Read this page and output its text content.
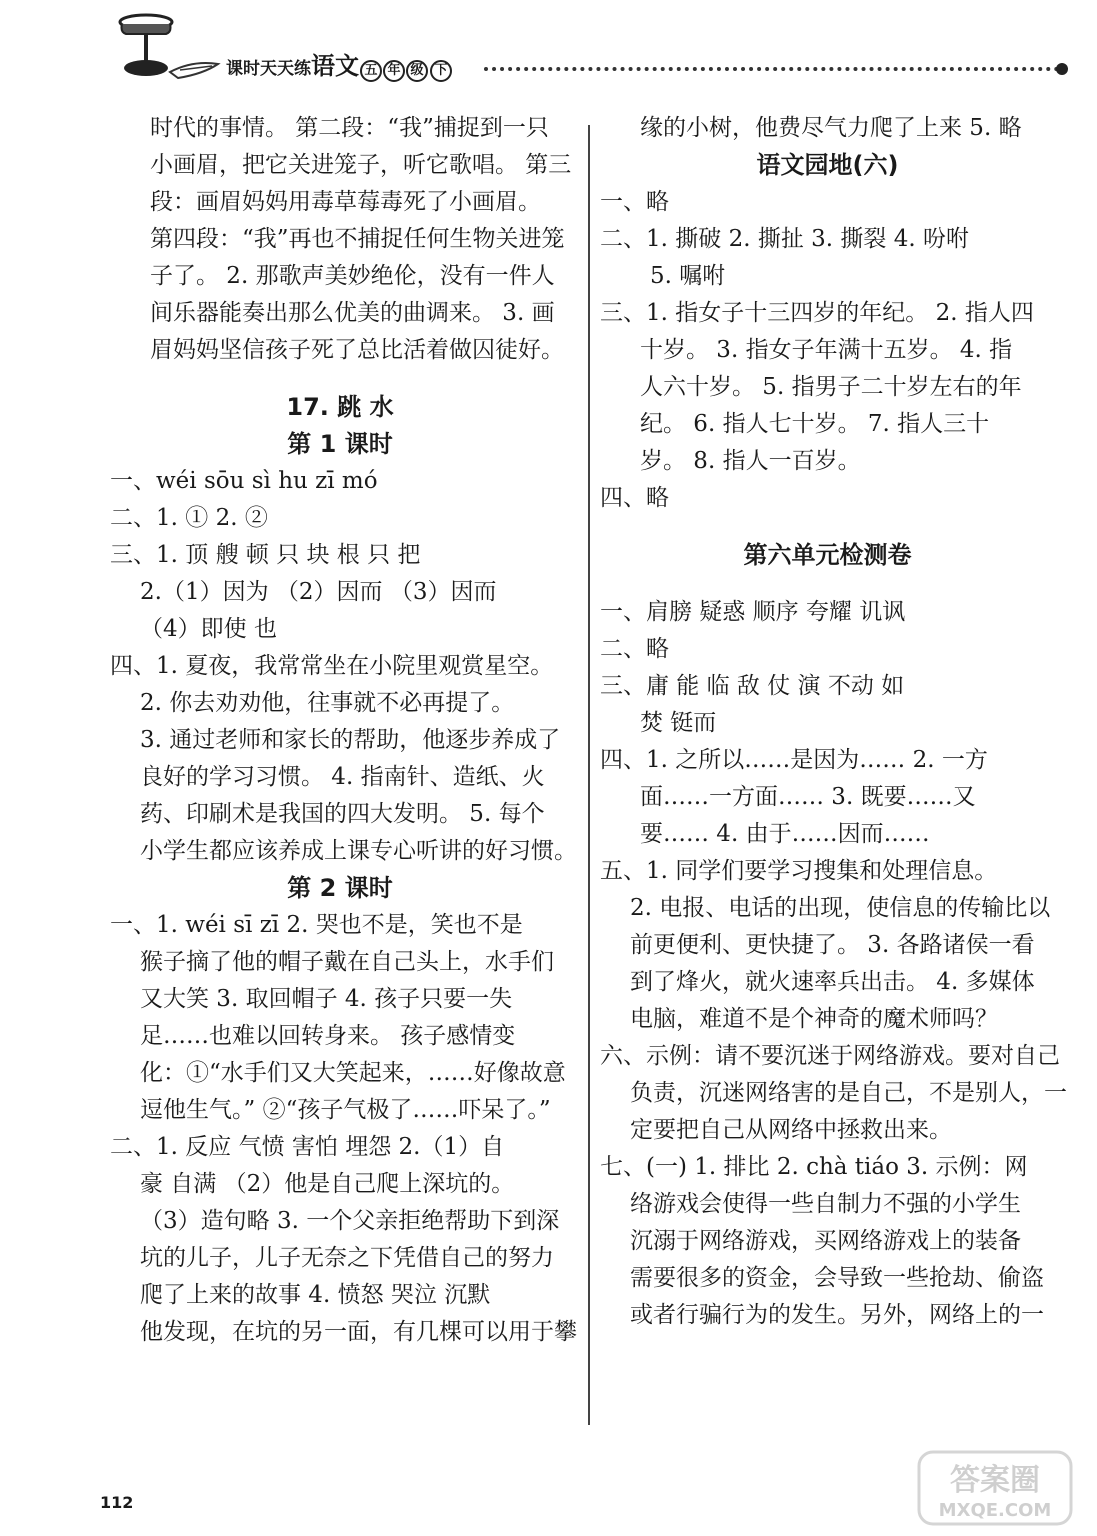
课时天天练语文 五 年 级 下
时代的事情。 第二段：“我”捕捉到一只
小画眉，把它关进笼子，听它歌唱。 第三
段：画眉妈妈用毒草莓毒死了小画眉。
第四段：“我”再也不捕捉任何生物关进笼
子了。 2. 那歌声美妙绝伦，没有一件人
间乐器能奏出那么优美的曲调来。 3. 画
眉妈妈坚信孩子死了总比活着做囚徒好。
17. 跳 水
第 1 课时
一、wéi sōu sì hu zī mó
二、1. ① 2. ②
三、1. 顶 艘 顿 只 块 根 只 把
2.（1）因为 （2）因而 （3）因而
（4）即使 也
四、1. 夏夜，我常常坐在小院里观赏星空。
2. 你去劝劝他，往事就不必再提了。
3. 通过老师和家长的帮助，他逐步养成了
良好的学习习惯。 4. 指南针、造纸、火
药、印刷术是我国的四大发明。 5. 每个
小学生都应该养成上课专心听讲的好习惯。
第 2 课时
一、1. wéi sī zī 2. 哭也不是，笑也不是
猴子摘了他的帽子戴在自己头上，水手们
又大笑 3. 取回帽子 4. 孩子只要一失
足……也难以回转身来。 孩子感情变
化：①“水手们又大笑起来，……好像故意
逗他生气。” ②“孩子气极了……吓呆了。”
二、1. 反应 气愤 害怕 埋怨 2.（1）自
豪 自满 （2）他是自己爬上深坑的。
（3）造句略 3. 一个父亲拒绝帮助下到深
坑的儿子，儿子无奈之下凭借自己的努力
爬了上来的故事 4. 愤怒 哭泣 沉默
他发现，在坑的另一面，有几棵可以用于攀
缘的小树，他费尽气力爬了上来 5. 略
语文园地(六)
一、略
二、1. 撕破 2. 撕扯 3. 撕裂 4. 吩咐
5. 嘱咐
三、1. 指女子十三四岁的年纪。 2. 指人四
十岁。 3. 指女子年满十五岁。 4. 指
人六十岁。 5. 指男子二十岁左右的年
纪。 6. 指人七十岁。 7. 指人三十
岁。 8. 指人一百岁。
四、略
第六单元检测卷
一、肩膀 疑惑 顺序 夸耀 讥讽
二、略
三、庸 能 临 敌 仗 演 不动 如
焚 铤而
四、1. 之所以……是因为…… 2. 一方
面……一方面…… 3. 既要……又
要…… 4. 由于……因而……
五、1. 同学们要学习搜集和处理信息。
2. 电报、电话的出现，使信息的传输比以
前更便利、更快捷了。 3. 各路诸侯一看
到了烽火，就火速率兵出击。 4. 多媒体
电脑，难道不是个神奇的魔术师吗？
六、示例：请不要沉迷于网络游戏。要对自己
负责，沉迷网络害的是自己，不是别人，一
定要把自己从网络中拯救出来。
七、(一) 1. 排比 2. chà tiáo 3. 示例：网
络游戏会使得一些自制力不强的小学生
沉溺于网络游戏，买网络游戏上的装备
需要很多的资金，会导致一些抢劫、偷盗
或者行骗行为的发生。另外，网络上的一
112
答案圈
MXQE.COM
